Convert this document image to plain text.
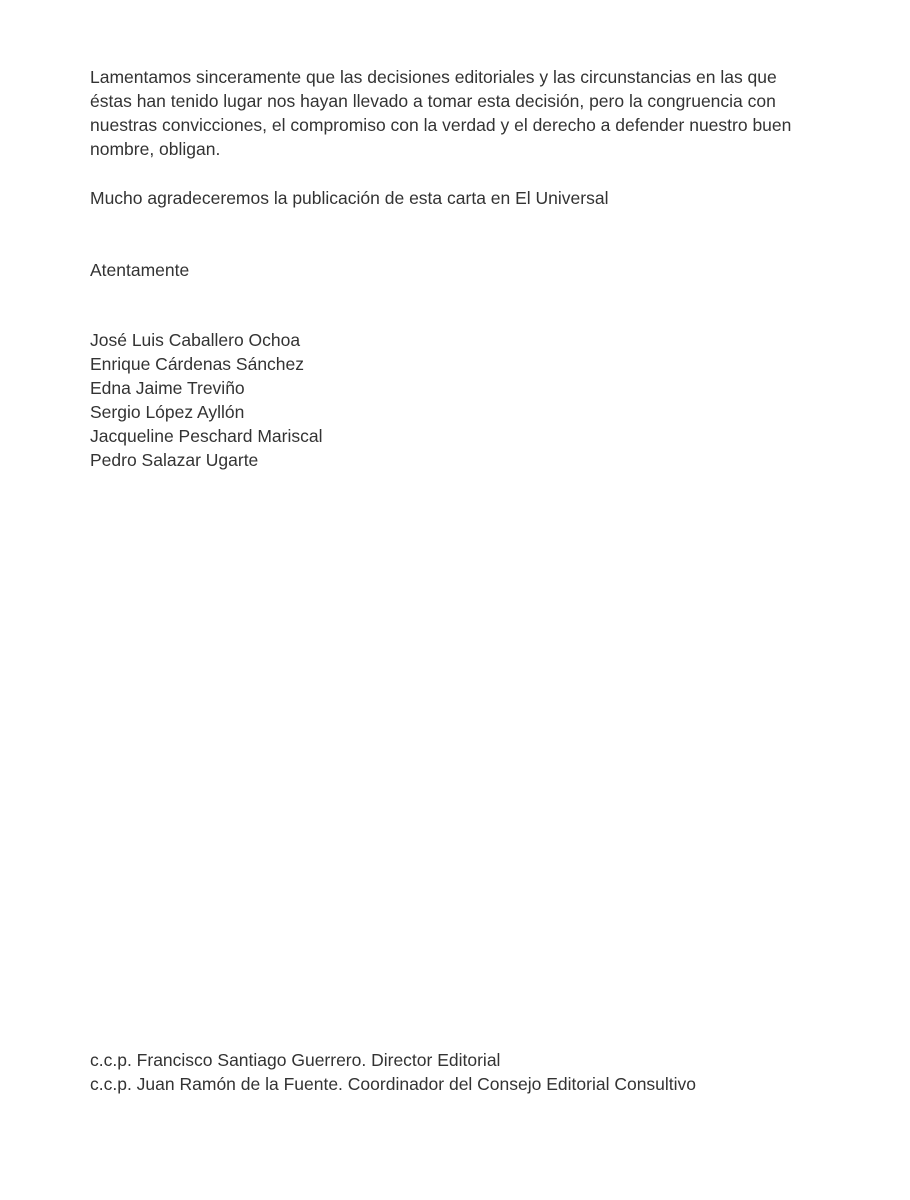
Lamentamos sinceramente que las decisiones editoriales y las circunstancias en las que
éstas han tenido lugar nos hayan llevado a tomar esta decisión, pero la congruencia con
nuestras convicciones, el compromiso con la verdad y el derecho a defender nuestro buen
nombre, obligan.
Mucho agradeceremos la publicación de esta carta en El Universal
Atentamente
José Luis Caballero Ochoa
Enrique Cárdenas Sánchez
Edna Jaime Treviño
Sergio López Ayllón
Jacqueline Peschard Mariscal
Pedro Salazar Ugarte
c.c.p. Francisco Santiago Guerrero. Director Editorial
c.c.p. Juan Ramón de la Fuente. Coordinador del Consejo Editorial Consultivo
